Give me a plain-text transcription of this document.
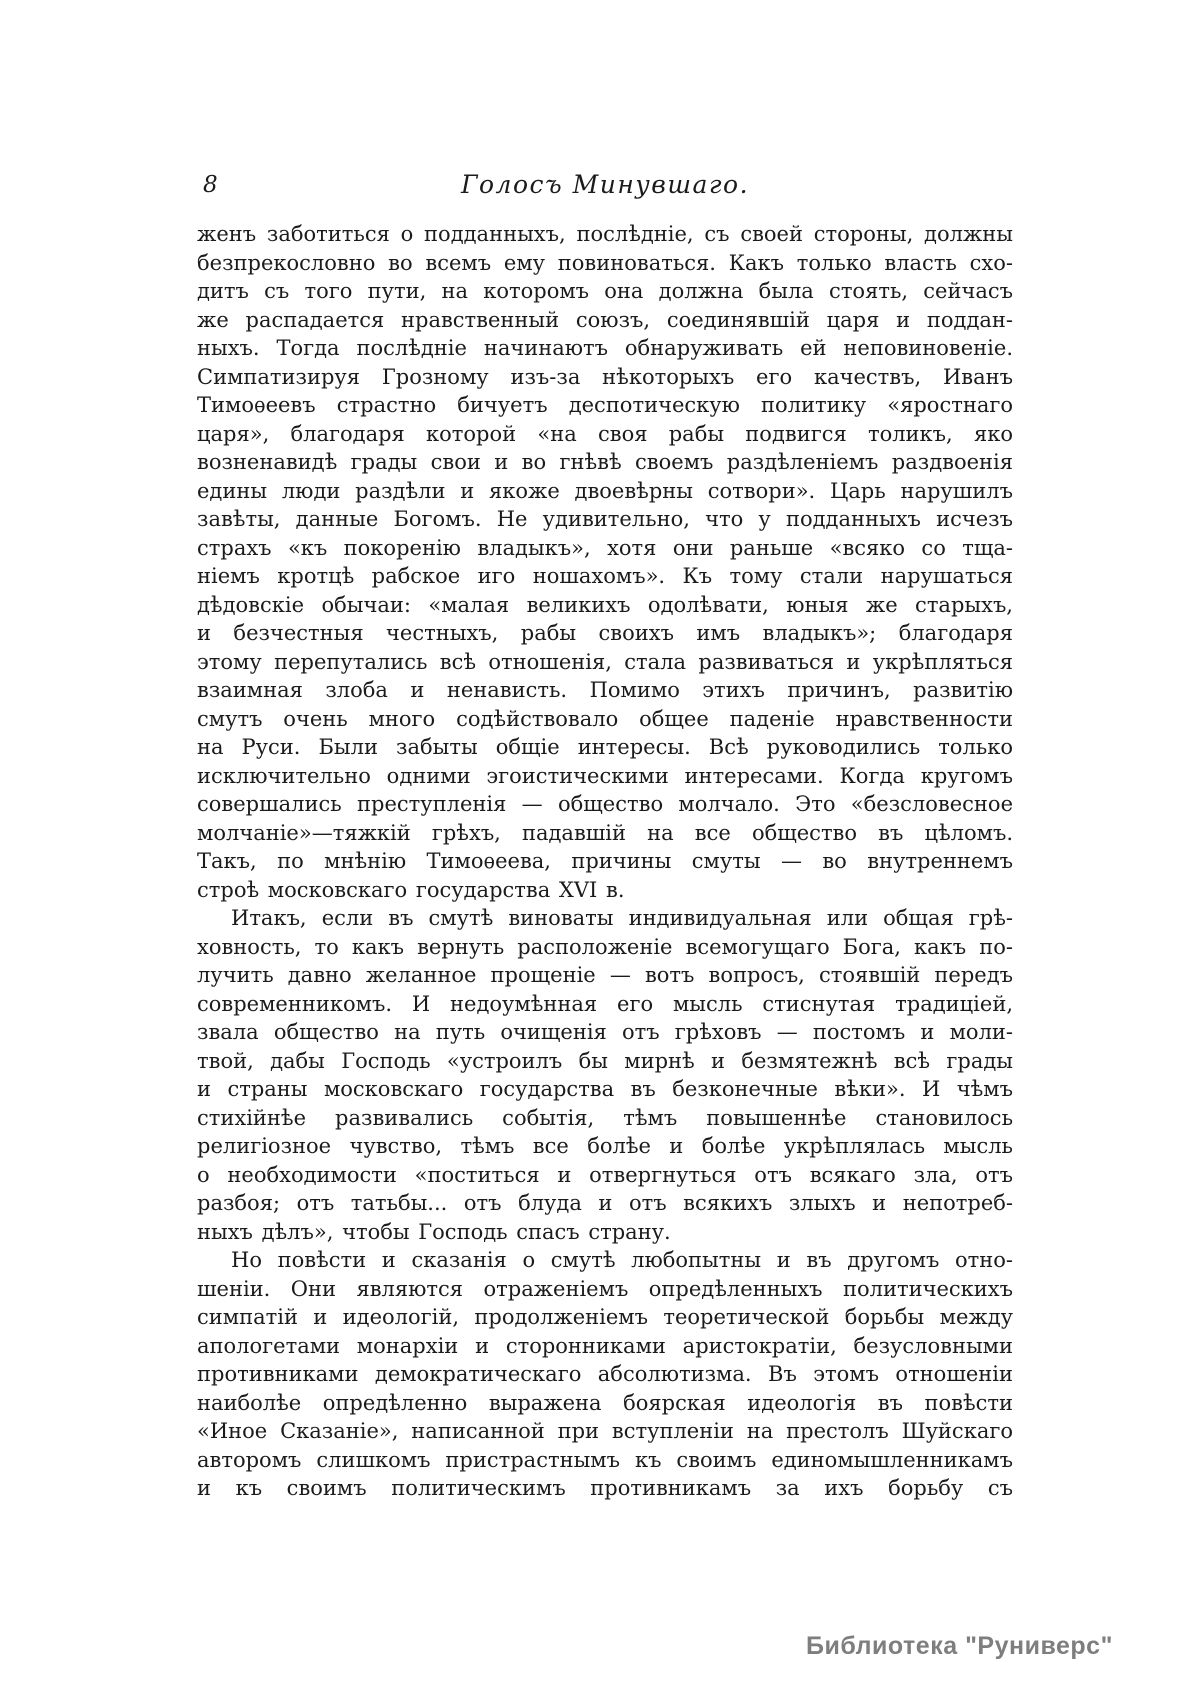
8	Голосъ Минувшаго.
женъ заботиться о подданныхъ, послѣдніе, съ своей стороны, должны
безпрекословно во всемъ ему повиноваться. Какъ только власть схо-
дитъ съ того пути, на которомъ она должна была стоять, сейчасъ
же распадается нравственный союзъ, соединявшій царя и поддан-
ныхъ. Тогда послѣдніе начинаютъ обнаруживать ей неповиновеніе.
Симпатизируя Грозному изъ-за нѣкоторыхъ его качествъ, Иванъ
Тимоѳеевъ страстно бичуетъ деспотическую политику «яростнаго
царя», благодаря которой «на своя рабы подвигся толикъ, яко
возненавидѣ грады свои и во гнѣвѣ своемъ раздѣленіемъ раздвоенія
едины люди раздѣли и якоже двоевѣрны сотвори». Царь нарушилъ
завѣты, данные Богомъ. Не удивительно, что у подданныхъ исчезъ
страхъ «къ покоренію владыкъ», хотя они раньше «всяко со тща-
ніемъ кротцѣ рабское иго ношахомъ». Къ тому стали нарушаться
дѣдовскіе обычаи: «малая великихъ одолѣвати, юныя же старыхъ,
и безчестныя честныхъ, рабы своихъ имъ владыкъ»; благодаря
этому перепутались всѣ отношенія, стала развиваться и укрѣпляться
взаимная злоба и ненависть. Помимо этихъ причинъ, развитію
смутъ очень много содѣйствовало общее паденіе нравственности
на Руси. Были забыты общіе интересы. Всѣ руководились только
исключительно одними эгоистическими интересами. Когда кругомъ
совершались преступленія — общество молчало. Это «безсловесное
молчаніе»—тяжкій грѣхъ, падавшій на все общество въ цѣломъ.
Такъ, по мнѣнію Тимоѳеева, причины смуты — во внутреннемъ
строѣ московскаго государства XVI в.
Итакъ, если въ смутѣ виноваты индивидуальная или общая грѣ-
ховность, то какъ вернуть расположеніе всемогущаго Бога, какъ по-
лучить давно желанное прощеніе — вотъ вопросъ, стоявшій передъ
современникомъ. И недоумѣнная его мысль стиснутая традиціей,
звала общество на путь очищенія отъ грѣховъ — постомъ и моли-
твой, дабы Господь «устроилъ бы мирнѣ и безмятежнѣ всѣ грады
и страны московскаго государства въ безконечные вѣки». И чѣмъ
стихійнѣе развивались событія, тѣмъ повышеннѣе становилось
религіозное чувство, тѣмъ все болѣе и болѣе укрѣплялась мысль
о необходимости «поститься и отвергнуться отъ всякаго зла, отъ
разбоя; отъ татьбы... отъ блуда и отъ всякихъ злыхъ и непотреб-
ныхъ дѣлъ», чтобы Господь спасъ страну.
Но повѣсти и сказанія о смутѣ любопытны и въ другомъ отно-
шеніи. Они являются отраженіемъ опредѣленныхъ политическихъ
симпатій и идеологій, продолженіемъ теоретической борьбы между
апологетами монархіи и сторонниками аристократіи, безусловными
противниками демократическаго абсолютизма. Въ этомъ отношеніи
наиболѣе опредѣленно выражена боярская идеологія въ повѣсти
«Иное Сказаніе», написанной при вступленіи на престолъ Шуйскаго
авторомъ слишкомъ пристрастнымъ къ своимъ единомышленникамъ
и къ своимъ политическимъ противникамъ за ихъ борьбу съ
Библиотека "Руниверс"
